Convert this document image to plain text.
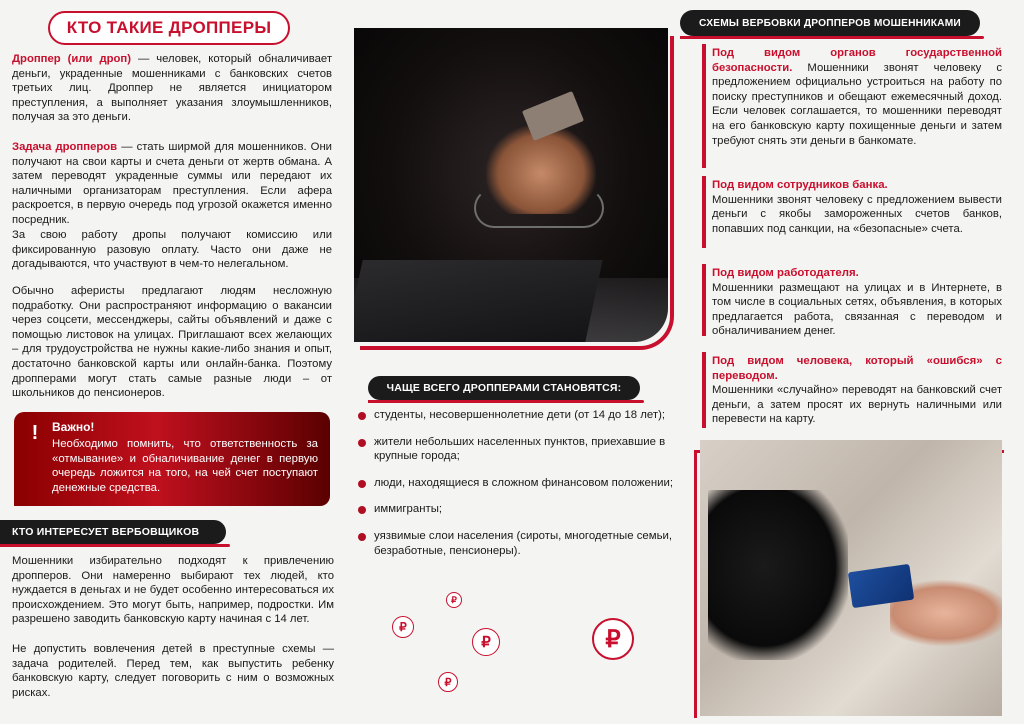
КТО ТАКИЕ ДРОППЕРЫ
Дроппер (или дроп) — человек, который обналичивает деньги, украденные мошенниками с банковских счетов третьих лиц. Дроппер не является инициатором преступления, а выполняет указания злоумышленников, получая за это деньги.
Задача дропперов — стать ширмой для мошенников. Они получают на свои карты и счета деньги от жертв обмана. А затем переводят украденные суммы или передают их наличными организаторам преступления. Если афера раскроется, в первую очередь под угрозой окажется именно посредник.
За свою работу дропы получают комиссию или фиксированную разовую оплату. Часто они даже не догадываются, что участвуют в чем-то нелегальном.
Обычно аферисты предлагают людям несложную подработку. Они распространяют информацию о вакансии через соцсети, мессенджеры, сайты объявлений и даже с помощью листовок на улицах. Приглашают всех желающих – для трудоустройства не нужны какие-либо знания и опыт, достаточно банковской карты или онлайн-банка. Поэтому дропперами могут стать самые разные люди – от школьников до пенсионеров.
!	Важно!
Необходимо помнить, что ответственность за «отмывание» и обналичивание денег в первую очередь ложится на того, на чей счет поступают денежные средства.
КТО ИНТЕРЕСУЕТ ВЕРБОВЩИКОВ
Мошенники избирательно подходят к привлечению дропперов. Они намеренно выбирают тех людей, кто нуждается в деньгах и не будет особенно интересоваться их происхождением. Это могут быть, например, подростки. Им разрешено заводить банковскую карту начиная с 14 лет.
Не допустить вовлечения детей в преступные схемы — задача родителей. Перед тем, как выпустить ребенку банковскую карту, следует поговорить с ним о возможных рисках.
ЧАЩЕ ВСЕГО ДРОППЕРАМИ СТАНОВЯТСЯ:
студенты, несовершеннолетние дети (от 14 до 18 лет);
жители небольших населенных пунктов, приехавшие в крупные города;
люди, находящиеся в сложном финансовом положении;
иммигранты;
уязвимые слои населения (сироты, многодетные семьи, безработные, пенсионеры).
₽
₽
₽	₽
₽
СХЕМЫ ВЕРБОВКИ ДРОППЕРОВ МОШЕННИКАМИ
Под видом органов государственной безопасности. Мошенники звонят человеку с предложением официально устроиться на работу по поиску преступников и обещают ежемесячный доход. Если человек соглашается, то мошенники переводят на его банковскую карту похищенные деньги и затем требуют снять эти деньги в банкомате.
Под видом сотрудников банка.
Мошенники звонят человеку с предложением вывести деньги с якобы замороженных счетов банков, попавших под санкции, на «безопасные» счета.
Под видом работодателя.
Мошенники размещают на улицах и в Интернете, в том числе в социальных сетях, объявления, в которых предлагается работа, связанная с переводом и обналичиванием денег.
Под видом человека, который «ошибся» с переводом.
Мошенники «случайно» переводят на банковский счет деньги, а затем просят их вернуть наличными или перевести на карту.
